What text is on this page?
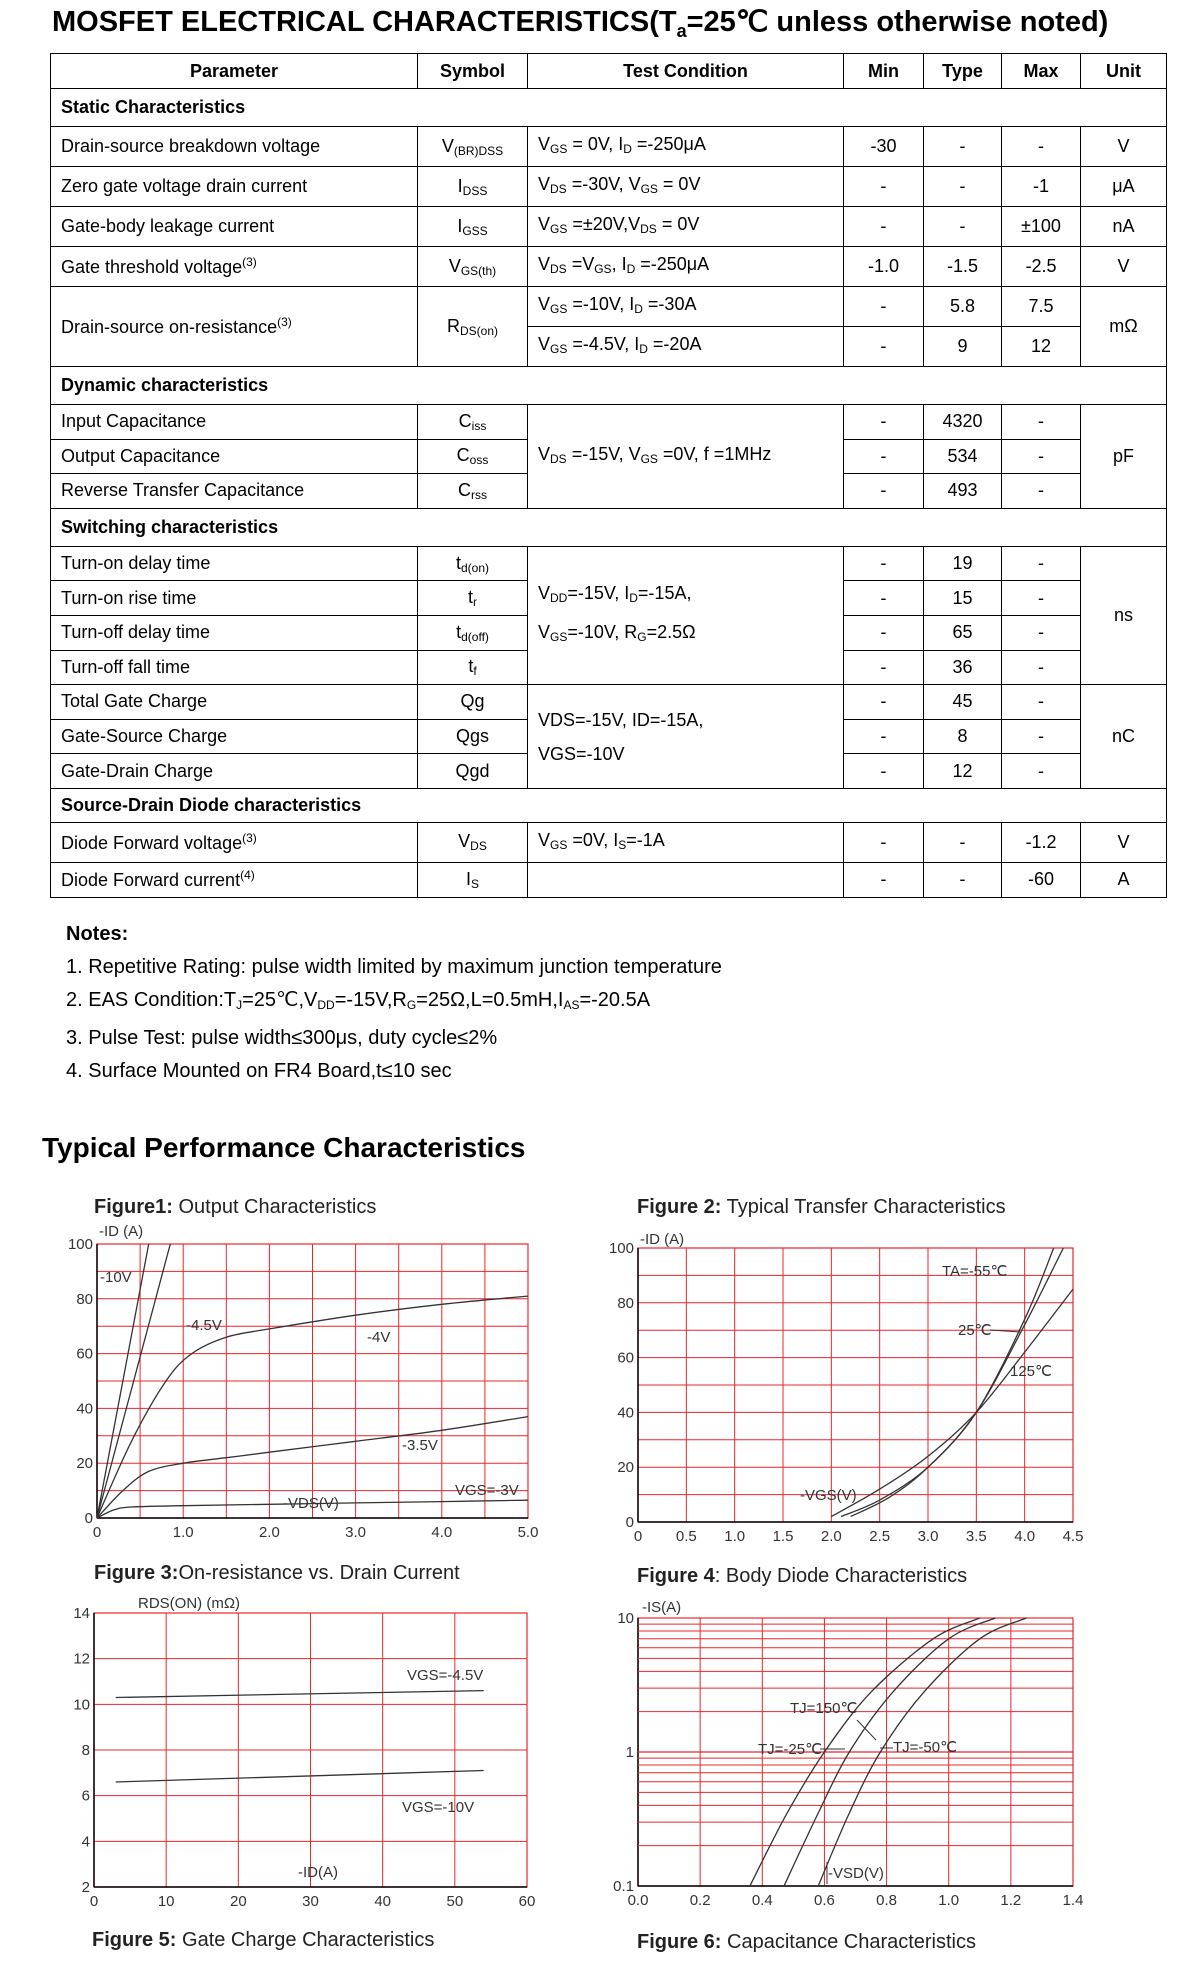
MOSFET ELECTRICAL $CHARACTERISTICS(T_a=25℃$ unless otherwise noted)
Parameter	Symbol	Test Condition	Min	Type	Max	Unit
Static Characteristics						
Drain-source breakdown voltage	$V_{(BR)DSS}$	$V_{GS} = 0V$, $I_D =-250\mu A$	-30	-	-	V
Zero gate voltage drain current	$I_{DSS}$	$V_{DS} =-30V$, $V_{GS} = 0V$	-	-	-1	μA
Gate-body leakage current	$I_{GSS}$	$V_{GS} =\pm 20V,V_{DS} = 0V$	-	-	±100	nA
Gate threshold voltage$^{(3)}$	$V_{GS(th)}$	$V_{DS} =V_{GS}$, $I_D =-250\mu A$	-1.0	-1.5	-2.5	V
Drain-source on-resistance$^{(3)}$	$R_{DS(on)}$	$V_{GS} =-10V$, $I_D =-30A$	-	5.8	7.5	mΩ
		$V_{GS} =-4.5V$, $I_D =-20A$	-	9	12	
Dynamic characteristics						
Input Capacitance	$C_{iss}$	$V_{DS} =-15V$, $V_{GS} =0V$, f =1MHz	-	4320	-	pF
Output Capacitance	$C_{oss}$		-	534	-	
Reverse Transfer Capacitance	$C_{rss}$		-	493	-	
Switching characteristics						
Turn-on delay time	$t_{d(on)}$	$V_{DD}=-15V$, $I_D=-15A$,
$V_{GS}=-10V$, $R_G=2.5\Omega$	-	19	-	ns
Turn-on rise time	$t_r$		-	15	-	
Turn-off delay time	$t_{d(off)}$		-	65	-	
Turn-off fall time	$t_f$		-	36	-	
Total Gate Charge	Qg	VDS=-15V, ID=-15A,
VGS=-10V	-	45	-	nC
Gate-Source Charge	Qgs		-	8	-	
Gate-Drain Charge	Qgd		-	12	-	
Source-Drain Diode characteristics						
Diode Forward voltage$^{(3)}$	$V_{DS}$	$V_{GS} =0V$, $I_S=-1A$	-	-	-1.2	V
Diode Forward current$^{(4)}$	$I_S$		-	-	-60	A
Notes:
1. Repetitive Rating: pulse width limited by maximum junction temperature
2. EAS $Condition:T_J=25℃,V_{DD}=-15V,R_G=25\Omega,L=0.5mH,I_{AS}=-20.5A$
3. Pulse Test: pulse width≤300μs, duty cycle≤2%
4. Surface Mounted on FR4 Board,t≤10 sec
Typical Performance Characteristics
Figure1: Output Characteristics	Figure 2: Typical Transfer Characteristics
Figure 3:On-resistance vs. Drain Current	Figure 4: Body Diode Characteristics
Figure 5: Gate Charge Characteristics	Figure 6: Capacitance Characteristics
0	1.0	2.0	3.0	4.0	5.0
0
20
40
60
80
100
-ID (A)
-VDS(V)
-10V
-4.5V
-4V
-3.5V
VGS=-3V
0 0.5 1.0 1.5 2.0 2.5 3.0 3.5 4.0 4.5
0
20
40
60
80
100
-ID (A)
-VGS(V)
TA=-55℃
25℃
125℃
0	10	20	30	40	50	60
2
4
6
8
10
12
14
RDS(ON) (mΩ)
-ID(A)
VGS=-4.5V
VGS=-10V
0.0	0.2	0.4	0.6	0.8	1.0	1.2	1.4
0.1
1
10
-IS(A)
-VSD(V)
TJ=150℃
TJ=-25℃	TJ=-50℃
